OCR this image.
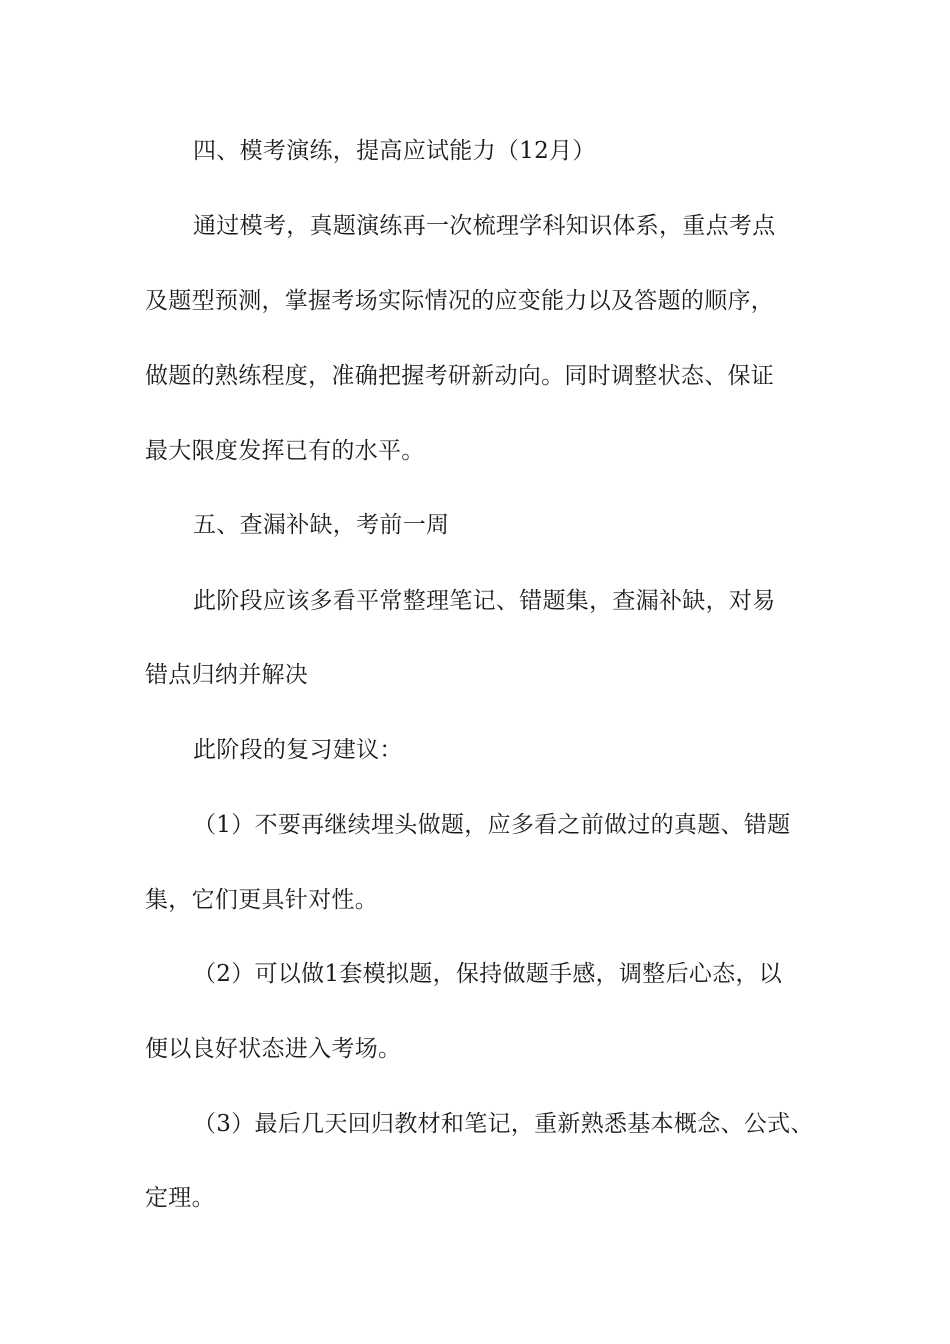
四、模考演练，提高应试能力（12月）
通过模考，真题演练再一次梳理学科知识体系，重点考点
及题型预测，掌握考场实际情况的应变能力以及答题的顺序，
做题的熟练程度，准确把握考研新动向。同时调整状态、保证
最大限度发挥已有的水平。
五、查漏补缺，考前一周
此阶段应该多看平常整理笔记、错题集，查漏补缺，对易
错点归纳并解决
此阶段的复习建议：
（1）不要再继续埋头做题，应多看之前做过的真题、错题
集，它们更具针对性。
（2）可以做1套模拟题，保持做题手感，调整后心态，以
便以良好状态进入考场。
（3）最后几天回归教材和笔记，重新熟悉基本概念、公式、
定理。
